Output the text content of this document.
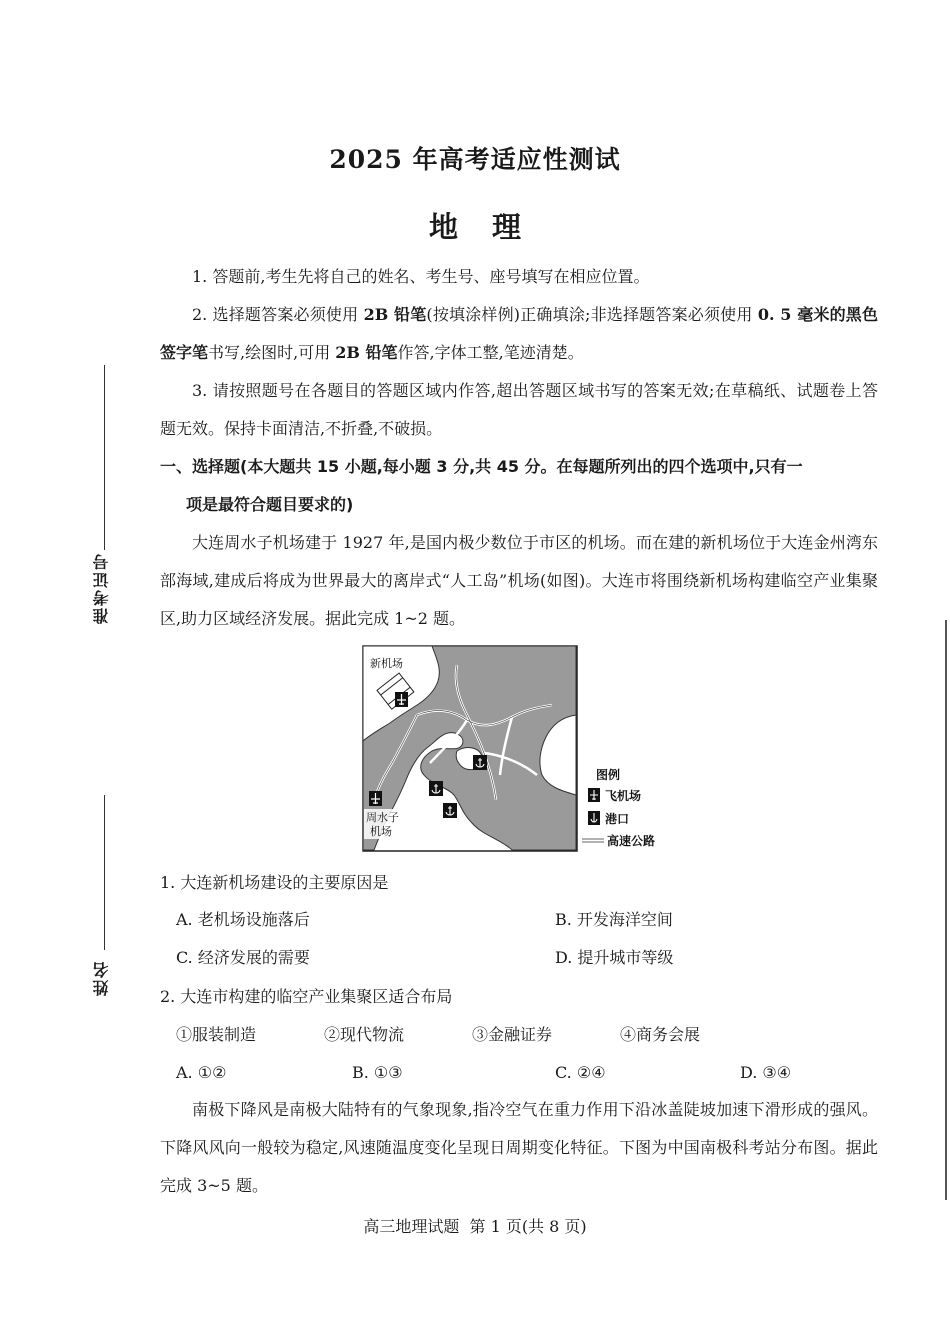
准考证号
姓名
2025 年高考适应性测试
地理
1. 答题前,考生先将自己的姓名、考生号、座号填写在相应位置。
2. 选择题答案必须使用 2B 铅笔(按填涂样例)正确填涂;非选择题答案必须使用 0. 5 毫米的黑色签字笔书写,绘图时,可用 2B 铅笔作答,字体工整,笔迹清楚。
3. 请按照题号在各题目的答题区域内作答,超出答题区域书写的答案无效;在草稿纸、试题卷上答题无效。保持卡面清洁,不折叠,不破损。
一、选择题(本大题共 15 小题,每小题 3 分,共 45 分。在每题所列出的四个选项中,只有一
项是最符合题目要求的)
大连周水子机场建于 1927 年,是国内极少数位于市区的机场。而在建的新机场位于大连金州湾东部海域,建成后将成为世界最大的离岸式“人工岛”机场(如图)。大连市将围绕新机场构建临空产业集聚区,助力区域经济发展。据此完成 1~2 题。
新机场
周水子
机场
图例
飞机场
港口
高速公路
1. 大连新机场建设的主要原因是
A. 老机场设施落后	B. 开发海洋空间
C. 经济发展的需要	D. 提升城市等级
2. 大连市构建的临空产业集聚区适合布局
①服装制造	②现代物流	③金融证券	④商务会展
A. ①②	B. ①③	C. ②④	D. ③④
南极下降风是南极大陆特有的气象现象,指冷空气在重力作用下沿冰盖陡坡加速下滑形成的强风。下降风风向一般较为稳定,风速随温度变化呈现日周期变化特征。下图为中国南极科考站分布图。据此完成 3~5 题。
高三地理试题  第 1 页(共 8 页)
